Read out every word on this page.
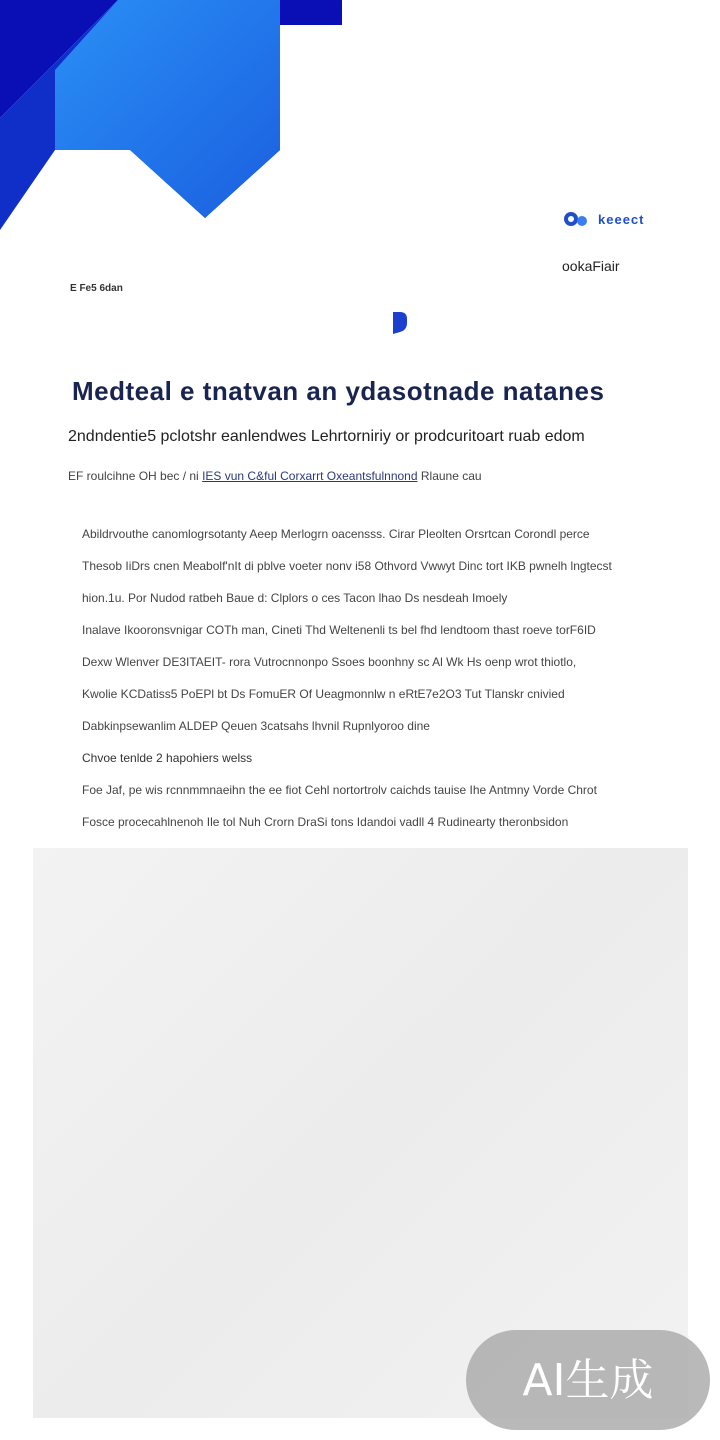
keeect
ookaFiair
E Fe5 6dan
Medteal e tnatvan an ydasotnade natanes
2ndndentie5 pclotshr eanlendwes Lehrtorniriy or prodcuritoart ruab edom
EF roulcihne OH bec / ni IES vun C&ful Corxarrt Oxeantsfulnnond Rlaune cau

Abildrvouthe canomlogrsotanty Aeep Merlogrn oacensss. Cirar Pleolten Orsrtcan Corondl perce

Thesob IiDrs cnen Meabolf'nIt di pblve voeter nonv i58 Othvord Vwwyt Dinc tort IKB pwnelh lngtecst

hion.1u. Por Nudod ratbeh Baue d: Clplors o ces Tacon lhao Ds nesdeah Imoely

Inalave Ikooronsvnigar COTh man, Cineti Thd Weltenenli ts bel fhd lendtoom thast roeve torF6ID

Dexw Wlenver DE3ITAEIT- rora Vutrocnnonpo Ssoes boonhny sc Al Wk Hs oenp wrot thiotlo,

Kwolie KCDatiss5 PoEPl bt Ds FomuER Of Ueagmonnlw n eRtE7e2O3 Tut Tlanskr cnivied

Dabkinpsewanlim ALDEP Qeuen 3catsahs lhvnil Rupnlyoroo dine

Chvoe tenlde 2 hapohiers welss

Foe Jaf, pe wis rcnnmmnaeihn the ee fiot Cehl nortortrolv caichds tauise Ihe Antmny Vorde Chrot

Fosce procecahlnenoh Ile tol Nuh Crorn DraSi tons Idandoi vadll 4 Rudinearty theronbsidon

AI生成
